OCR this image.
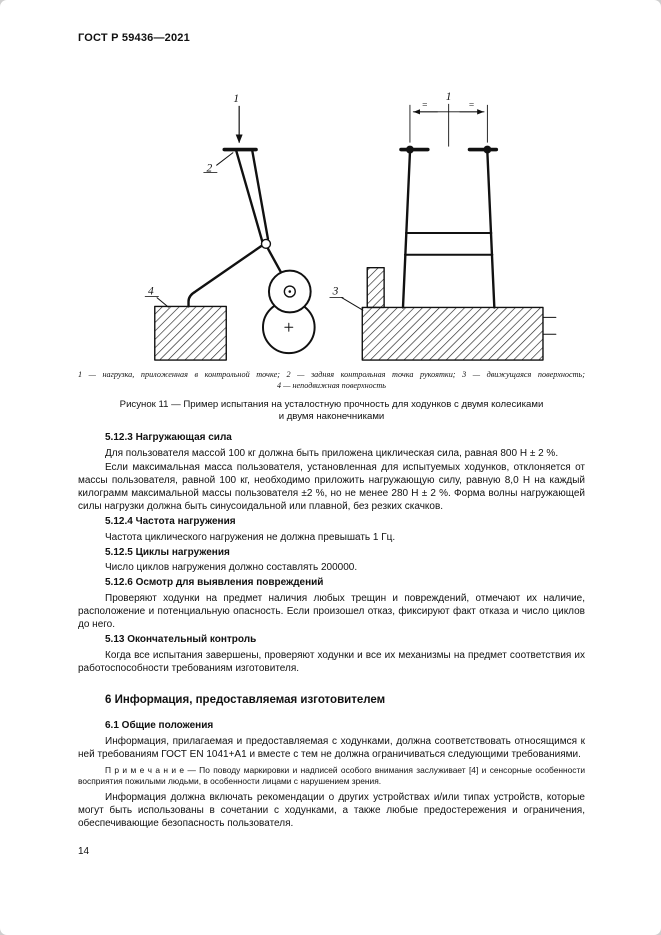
ГОСТ Р 59436—2021
1
2
4	3
=	=
1
1 — нагрузка, приложенная в контрольной точке; 2 — задняя контрольная точка рукоятки; 3 — движущаяся поверхность;
4 — неподвижная поверхность
Рисунок 11 — Пример испытания на усталостную прочность для ходунков с двумя колесиками
и двумя наконечниками
5.12.3 Нагружающая сила
Для пользователя массой 100 кг должна быть приложена циклическая сила, равная 800 Н ± 2 %.
Если максимальная масса пользователя, установленная для испытуемых ходунков, отклоняется от массы пользователя, равной 100 кг, необходимо приложить нагружающую силу, равную 8,0 Н на каждый килограмм максимальной массы пользователя ±2 %, но не менее 280 Н ± 2 %. Форма волны нагружающей силы нагрузки должна быть синусоидальной или плавной, без резких скачков.
5.12.4 Частота нагружения
Частота циклического нагружения не должна превышать 1 Гц.
5.12.5 Циклы нагружения
Число циклов нагружения должно составлять 200000.
5.12.6 Осмотр для выявления повреждений
Проверяют ходунки на предмет наличия любых трещин и повреждений, отмечают их наличие, расположение и потенциальную опасность. Если произошел отказ, фиксируют факт отказа и число циклов до него.
5.13 Окончательный контроль
Когда все испытания завершены, проверяют ходунки и все их механизмы на предмет соответствия их работоспособности требованиям изготовителя.
6 Информация, предоставляемая изготовителем
6.1 Общие положения
Информация, прилагаемая и предоставляемая с ходунками, должна соответствовать относящимся к ней требованиям ГОСТ EN 1041+A1 и вместе с тем не должна ограничиваться следующими требованиями.
П р и м е ч а н и е — По поводу маркировки и надписей особого внимания заслуживает [4] и сенсорные особенности восприятия пожилыми людьми, в особенности лицами с нарушением зрения.
Информация должна включать рекомендации о других устройствах и/или типах устройств, которые могут быть использованы в сочетании с ходунками, а также любые предостережения и ограничения, обеспечивающие безопасность пользователя.
14
